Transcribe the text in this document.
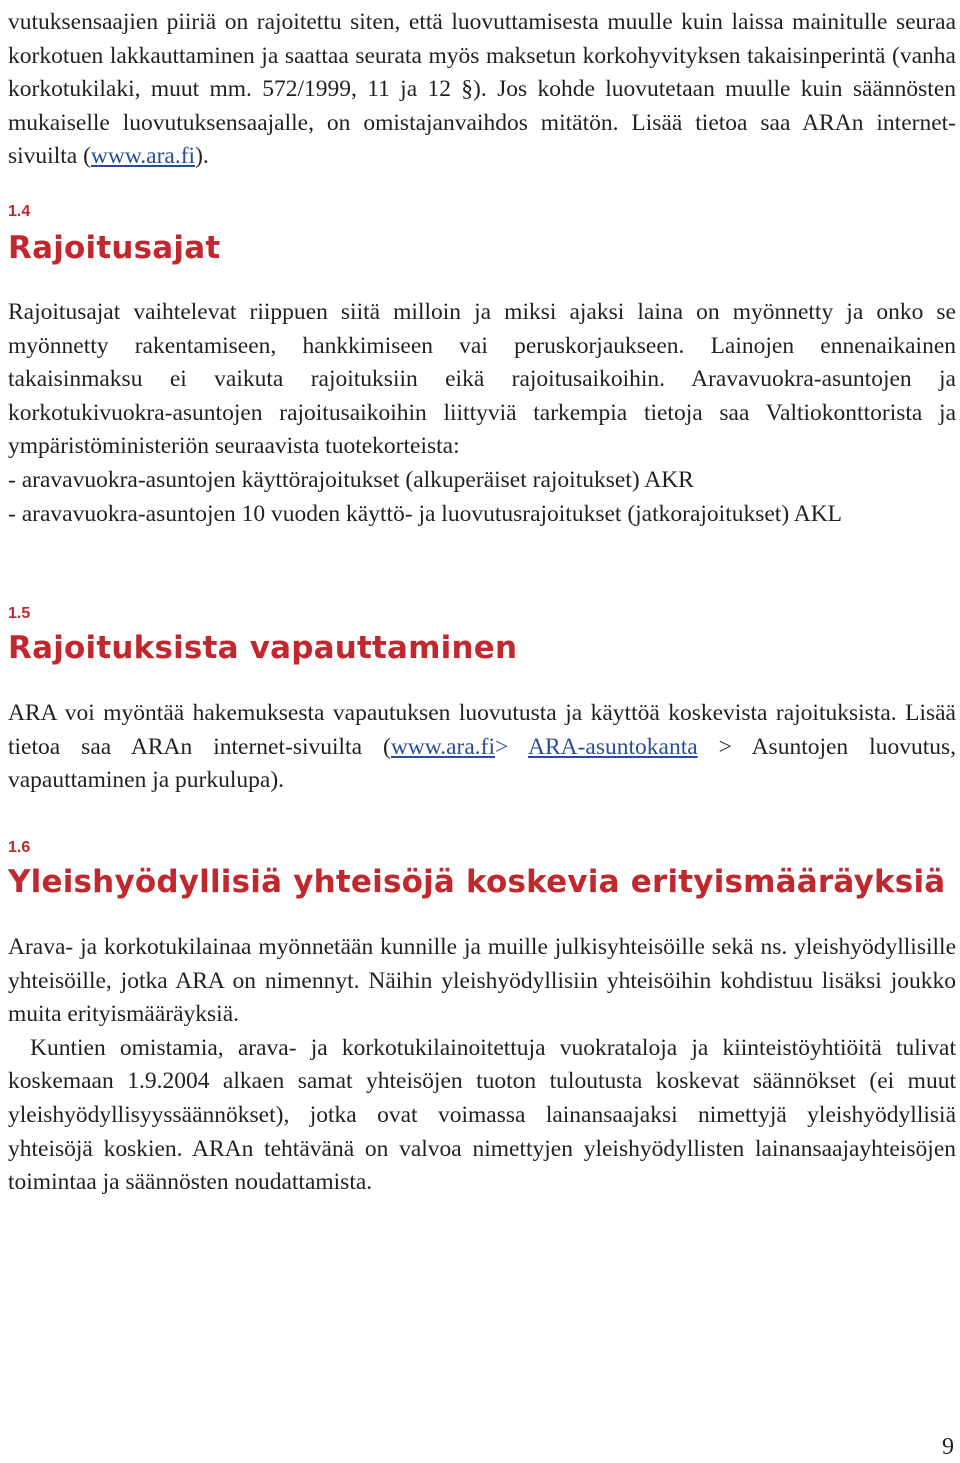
vutuksensaajien piiriä on rajoitettu siten, että luovuttamisesta muulle kuin laissa mainitulle seuraa korkotuen lakkauttaminen ja saattaa seurata myös maksetun korkohyvityksen takaisinperintä (vanha korkotukilaki, muut mm. 572/1999, 11 ja 12 §). Jos kohde luovutetaan muulle kuin säännösten mukaiselle luovutuksensaajalle, on omistajanvaihdos mitätön. Lisää tietoa saa ARAn internet-sivuilta (www.ara.fi).

1.4
Rajoitusajat

Rajoitusajat vaihtelevat riippuen siitä milloin ja miksi ajaksi laina on myönnetty ja onko se myönnetty rakentamiseen, hankkimiseen vai peruskorjaukseen. Lainojen ennenaikainen takaisinmaksu ei vaikuta rajoituksiin eikä rajoitusaikoihin. Aravavuokra-asuntojen ja korkotukivuokra-asuntojen rajoitusaikoihin liittyviä tarkempia tietoja saa Valtiokonttorista ja ympäristöministeriön seuraavista tuotekorteista:

- aravavuokra-asuntojen käyttörajoitukset (alkuperäiset rajoitukset) AKR
- aravavuokra-asuntojen 10 vuoden käyttö- ja luovutusrajoitukset (jatkorajoitukset) AKL
1.5
Rajoituksista vapauttaminen

ARA voi myöntää hakemuksesta vapautuksen luovutusta ja käyttöä koskevista rajoituksista. Lisää tietoa saa ARAn internet-sivuilta (www.ara.fi> ARA-asuntokanta > Asuntojen luovutus, vapauttaminen ja purkulupa).

1.6
Yleishyödyllisiä yhteisöjä koskevia erityismääräyksiä

Arava- ja korkotukilainaa myönnetään kunnille ja muille julkisyhteisöille sekä ns. yleishyödyllisille yhteisöille, jotka ARA on nimennyt. Näihin yleishyödyllisiin yhteisöihin kohdistuu lisäksi joukko muita erityismääräyksiä.

Kuntien omistamia, arava- ja korkotukilainoitettuja vuokrataloja ja kiinteistöyhtiöitä tulivat koskemaan 1.9.2004 alkaen samat yhteisöjen tuoton tuloutusta koskevat säännökset (ei muut yleishyödyllisyyssäännökset), jotka ovat voimassa lainansaajaksi nimettyjä yleishyödyllisiä yhteisöjä koskien. ARAn tehtävänä on valvoa nimettyjen yleishyödyllisten lainansaajayhteisöjen toimintaa ja säännösten noudattamista.

9
